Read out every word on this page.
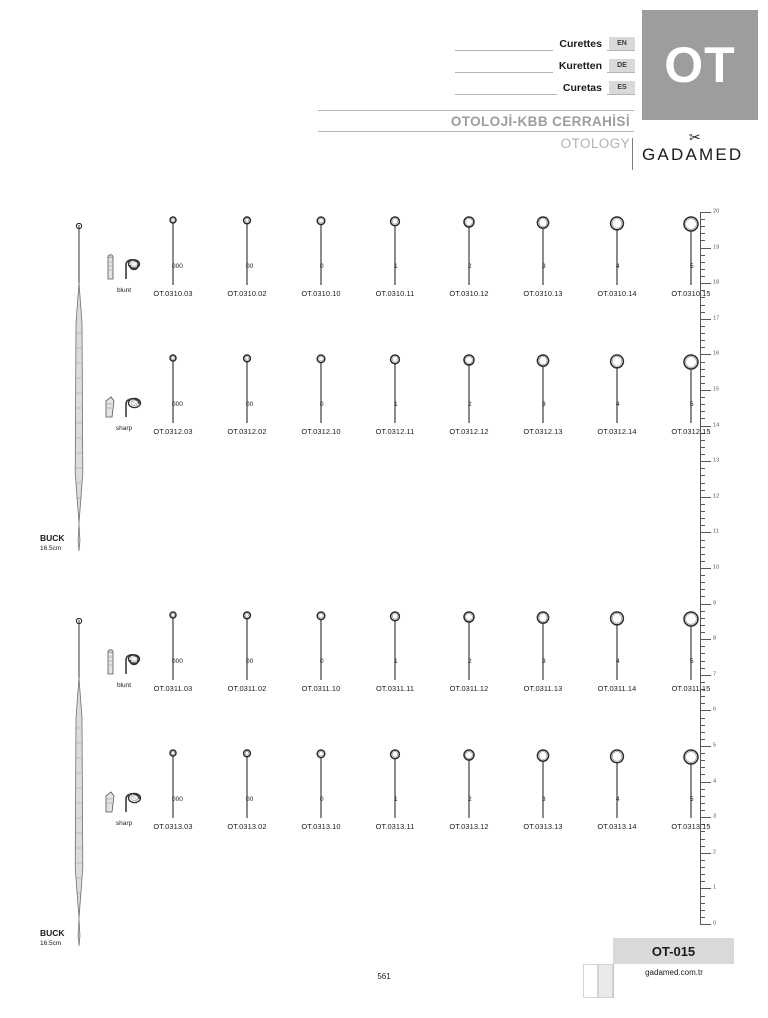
OT
Curettes	EN
Kuretten	DE
Curetas	ES
OTOLOJİ-KBB CERRAHİSİ
OTOLOGY
GADAMED
✂
20
19
18
17
16
15
14
13
12
11
10
9
8
7
6
5
4
3
2
1
0
BUCK
16.5cm
blunt
000
OT.0310.03
00
OT.0310.02
0
OT.0310.10
1
OT.0310.11
2
OT.0310.12
3
OT.0310.13
4
OT.0310.14
5
OT.0310.15
sharp
000
OT.0312.03
00
OT.0312.02
0
OT.0312.10
1
OT.0312.11
2
OT.0312.12
3
OT.0312.13
4
OT.0312.14
5
OT.0312.15
BUCK
16.5cm
blunt
000
OT.0311.03
00
OT.0311.02
0
OT.0311.10
1
OT.0311.11
2
OT.0311.12
3
OT.0311.13
4
OT.0311.14
5
OT.0311.15
sharp
000
OT.0313.03
00
OT.0313.02
0
OT.0313.10
1
OT.0313.11
2
OT.0313.12
3
OT.0313.13
4
OT.0313.14
5
OT.0313.15
561
OT-015
gadamed.com.tr
